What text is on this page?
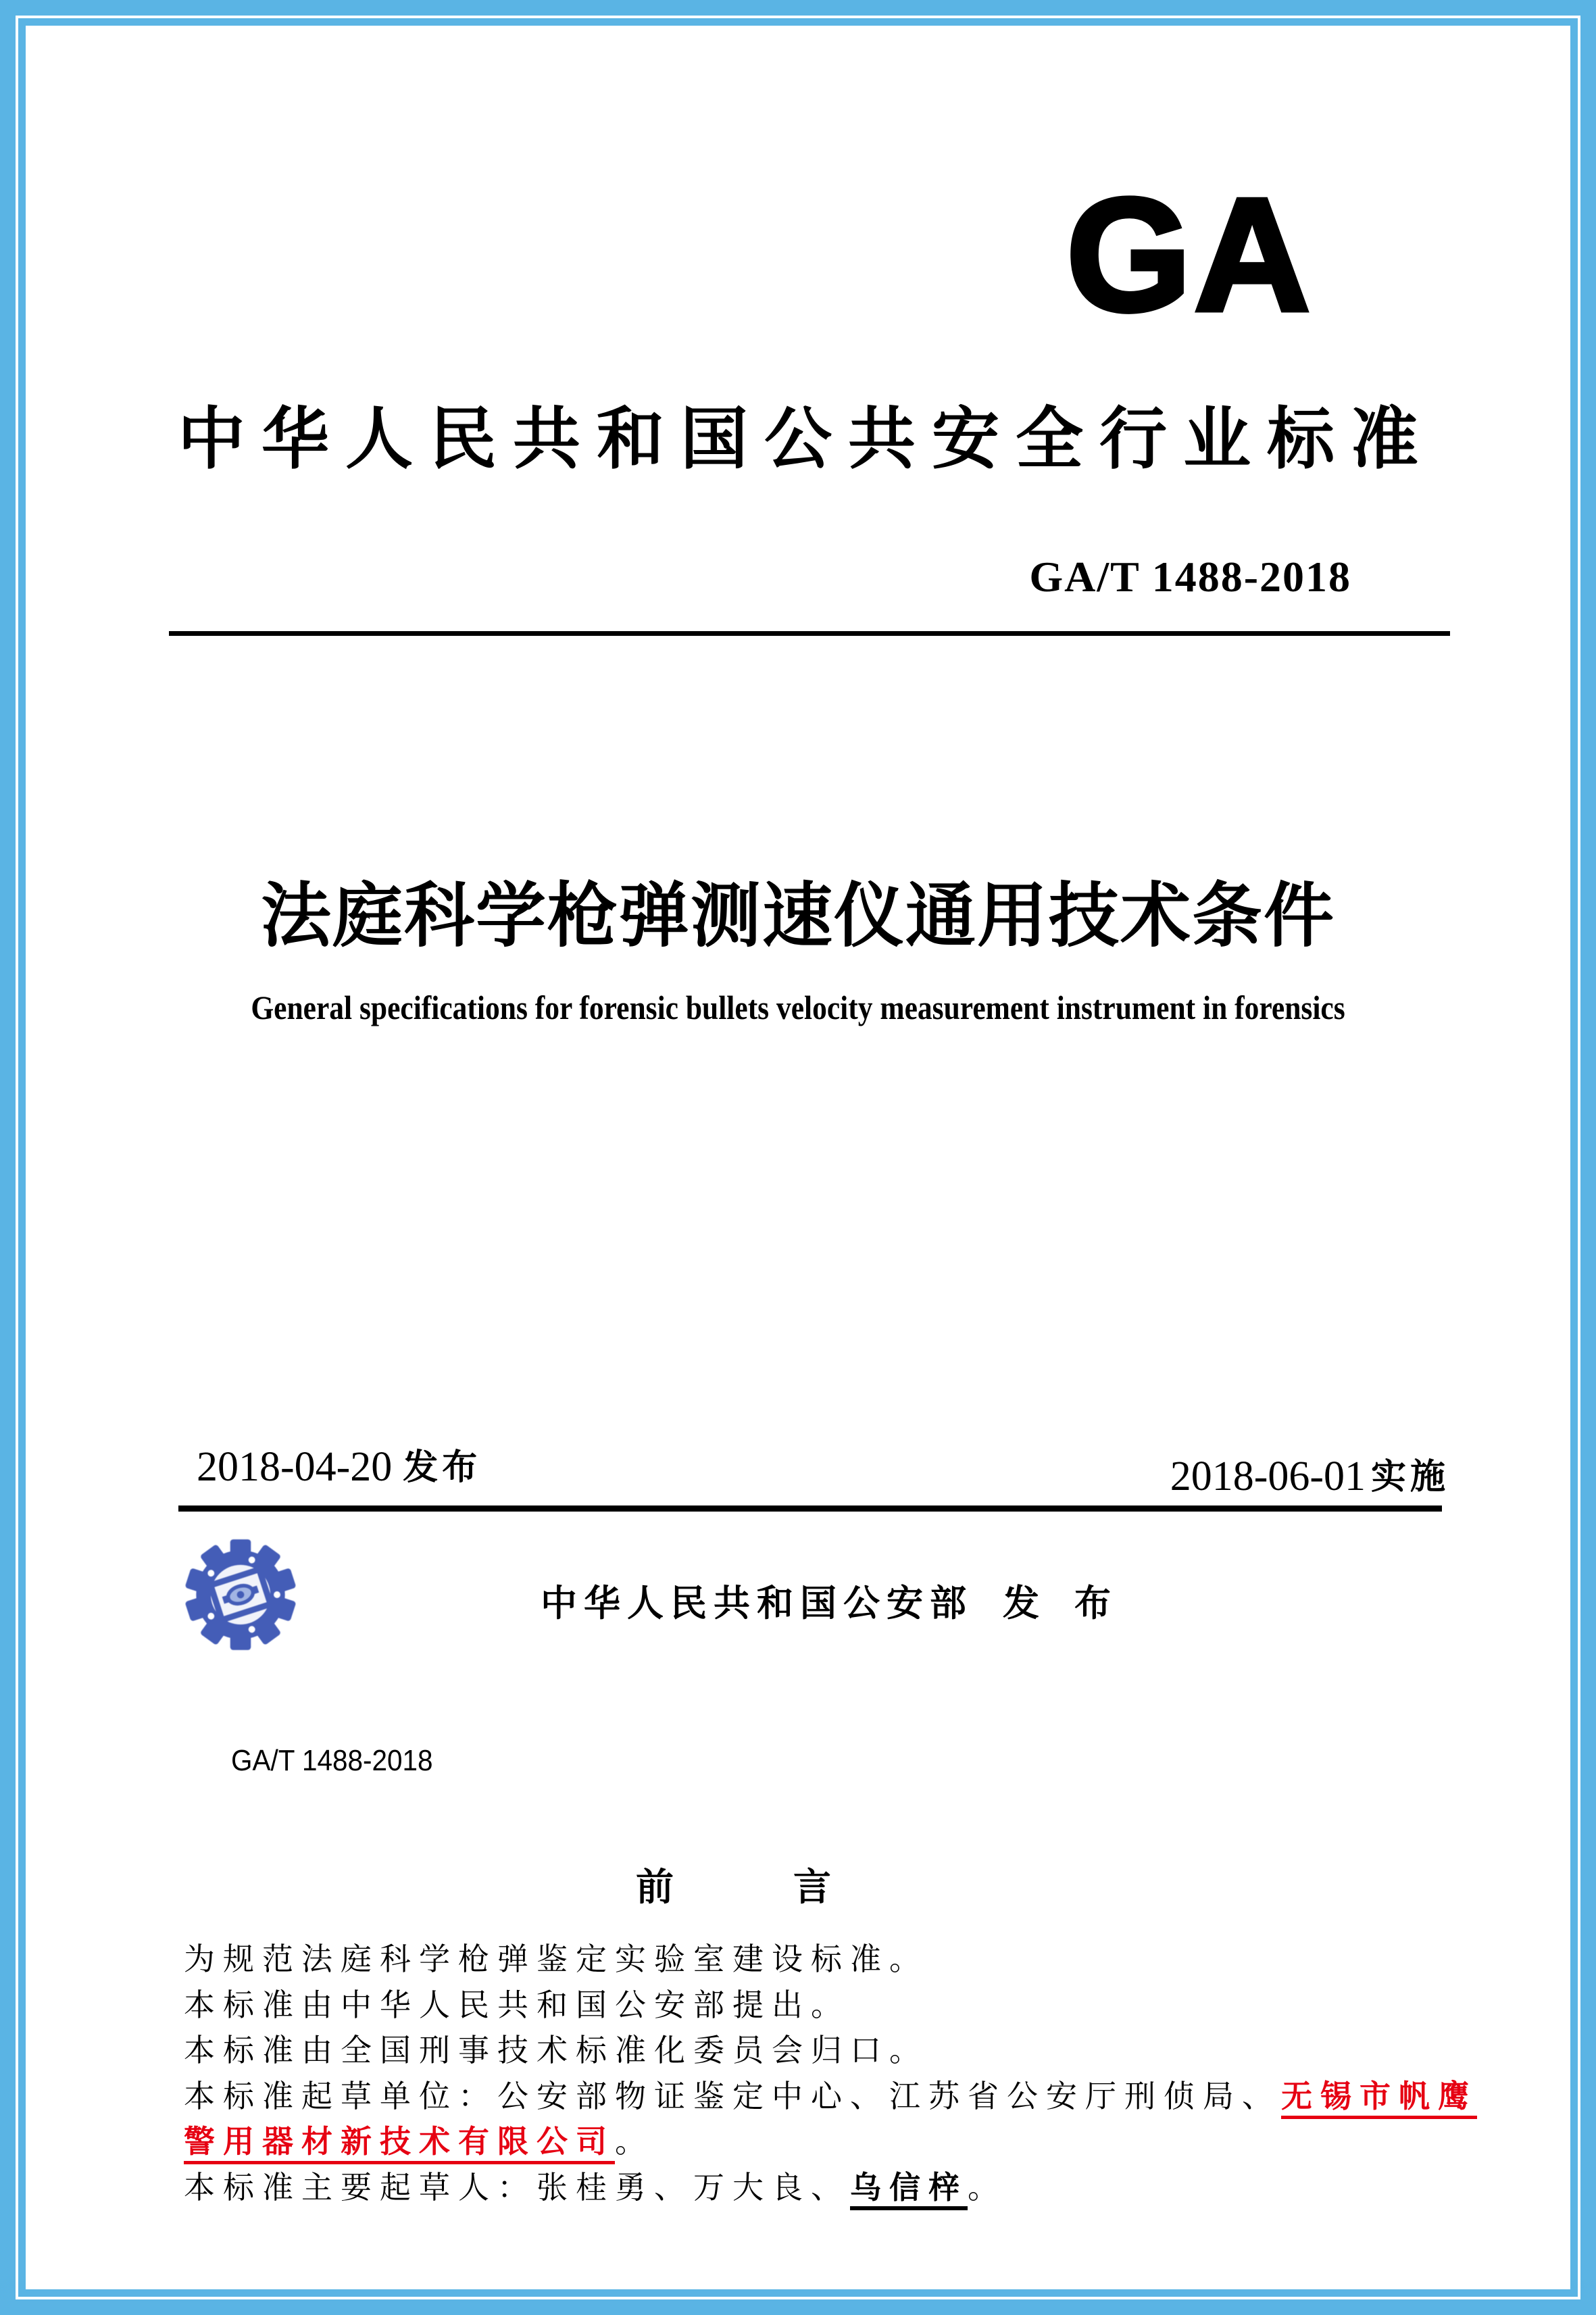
GA
中华人民共和国公共安全行业标准
GA/T 1488-2018
法庭科学枪弹测速仪通用技术条件
General specifications for forensic bullets velocity measurement instrument in forensics
2018-04-20 发布	2018-06-01 实施
中华人民共和国公安部 发布
GA/T 1488-2018
前言

为规范法庭科学枪弹鉴定实验室建设标准。

本标准由中华人民共和国公安部提出。

本标准由全国刑事技术标准化委员会归口。

本标准起草单位：公安部物证鉴定中心、江苏省公安厅刑侦局、无锡市帆鹰警用器材新技术有限公司。

本标准主要起草人：张桂勇、万大良、乌信梓。
